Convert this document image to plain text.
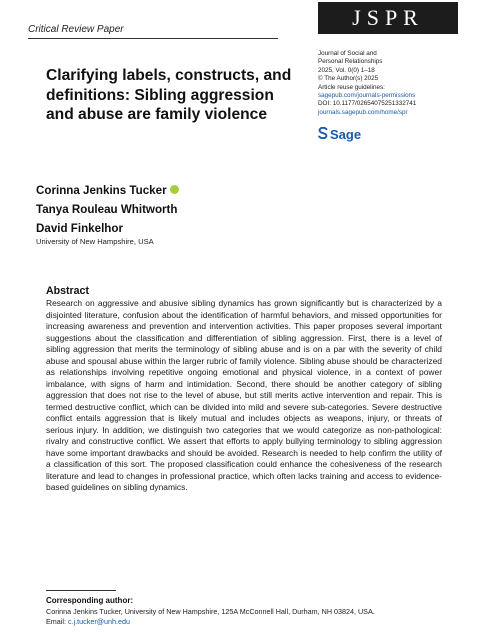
Critical Review Paper	JSPR
Journal of Social and
Personal Relationships
2025, Vol. 0(0) 1–18
© The Author(s) 2025
Article reuse guidelines:
sagepub.com/journals-permissions
DOI: 10.1177/02654075251332741
journals.sagepub.com/home/spr
Sage
Clarifying labels, constructs, and definitions: Sibling aggression and abuse are family violence
Corinna Jenkins Tucker
Tanya Rouleau Whitworth
David Finkelhor
University of New Hampshire, USA
Abstract

Research on aggressive and abusive sibling dynamics has grown significantly but is characterized by a disjointed literature, confusion about the identification of harmful behaviors, and missed opportunities for increasing awareness and prevention and intervention activities. This paper proposes several important suggestions about the classification and differentiation of sibling aggression. First, there is a level of sibling aggression that merits the terminology of sibling abuse and is on a par with the severity of child abuse and spousal abuse within the larger rubric of family violence. Sibling abuse should be characterized as relationships involving repetitive ongoing emotional and physical violence, in a context of power imbalance, with signs of harm and intimidation. Second, there should be another category of sibling aggression that does not rise to the level of abuse, but still merits active intervention and repair. This is termed destructive conflict, which can be divided into mild and severe sub-categories. Severe destructive conflict entails aggression that is likely mutual and includes objects as weapons, injury, or threats of serious injury. In addition, we distinguish two categories that we would categorize as non-pathological: rivalry and constructive conflict. We assert that efforts to apply bullying terminology to sibling aggression have some important drawbacks and should be avoided. Research is needed to help confirm the utility of a classification of this sort. The proposed classification could enhance the cohesiveness of the research literature and lead to changes in professional practice, which often lacks training and access to evidence-based guidelines on sibling dynamics.

Corresponding author:
Corinna Jenkins Tucker, University of New Hampshire, 125A McConnell Hall, Durham, NH 03824, USA.
Email: c.j.tucker@unh.edu
